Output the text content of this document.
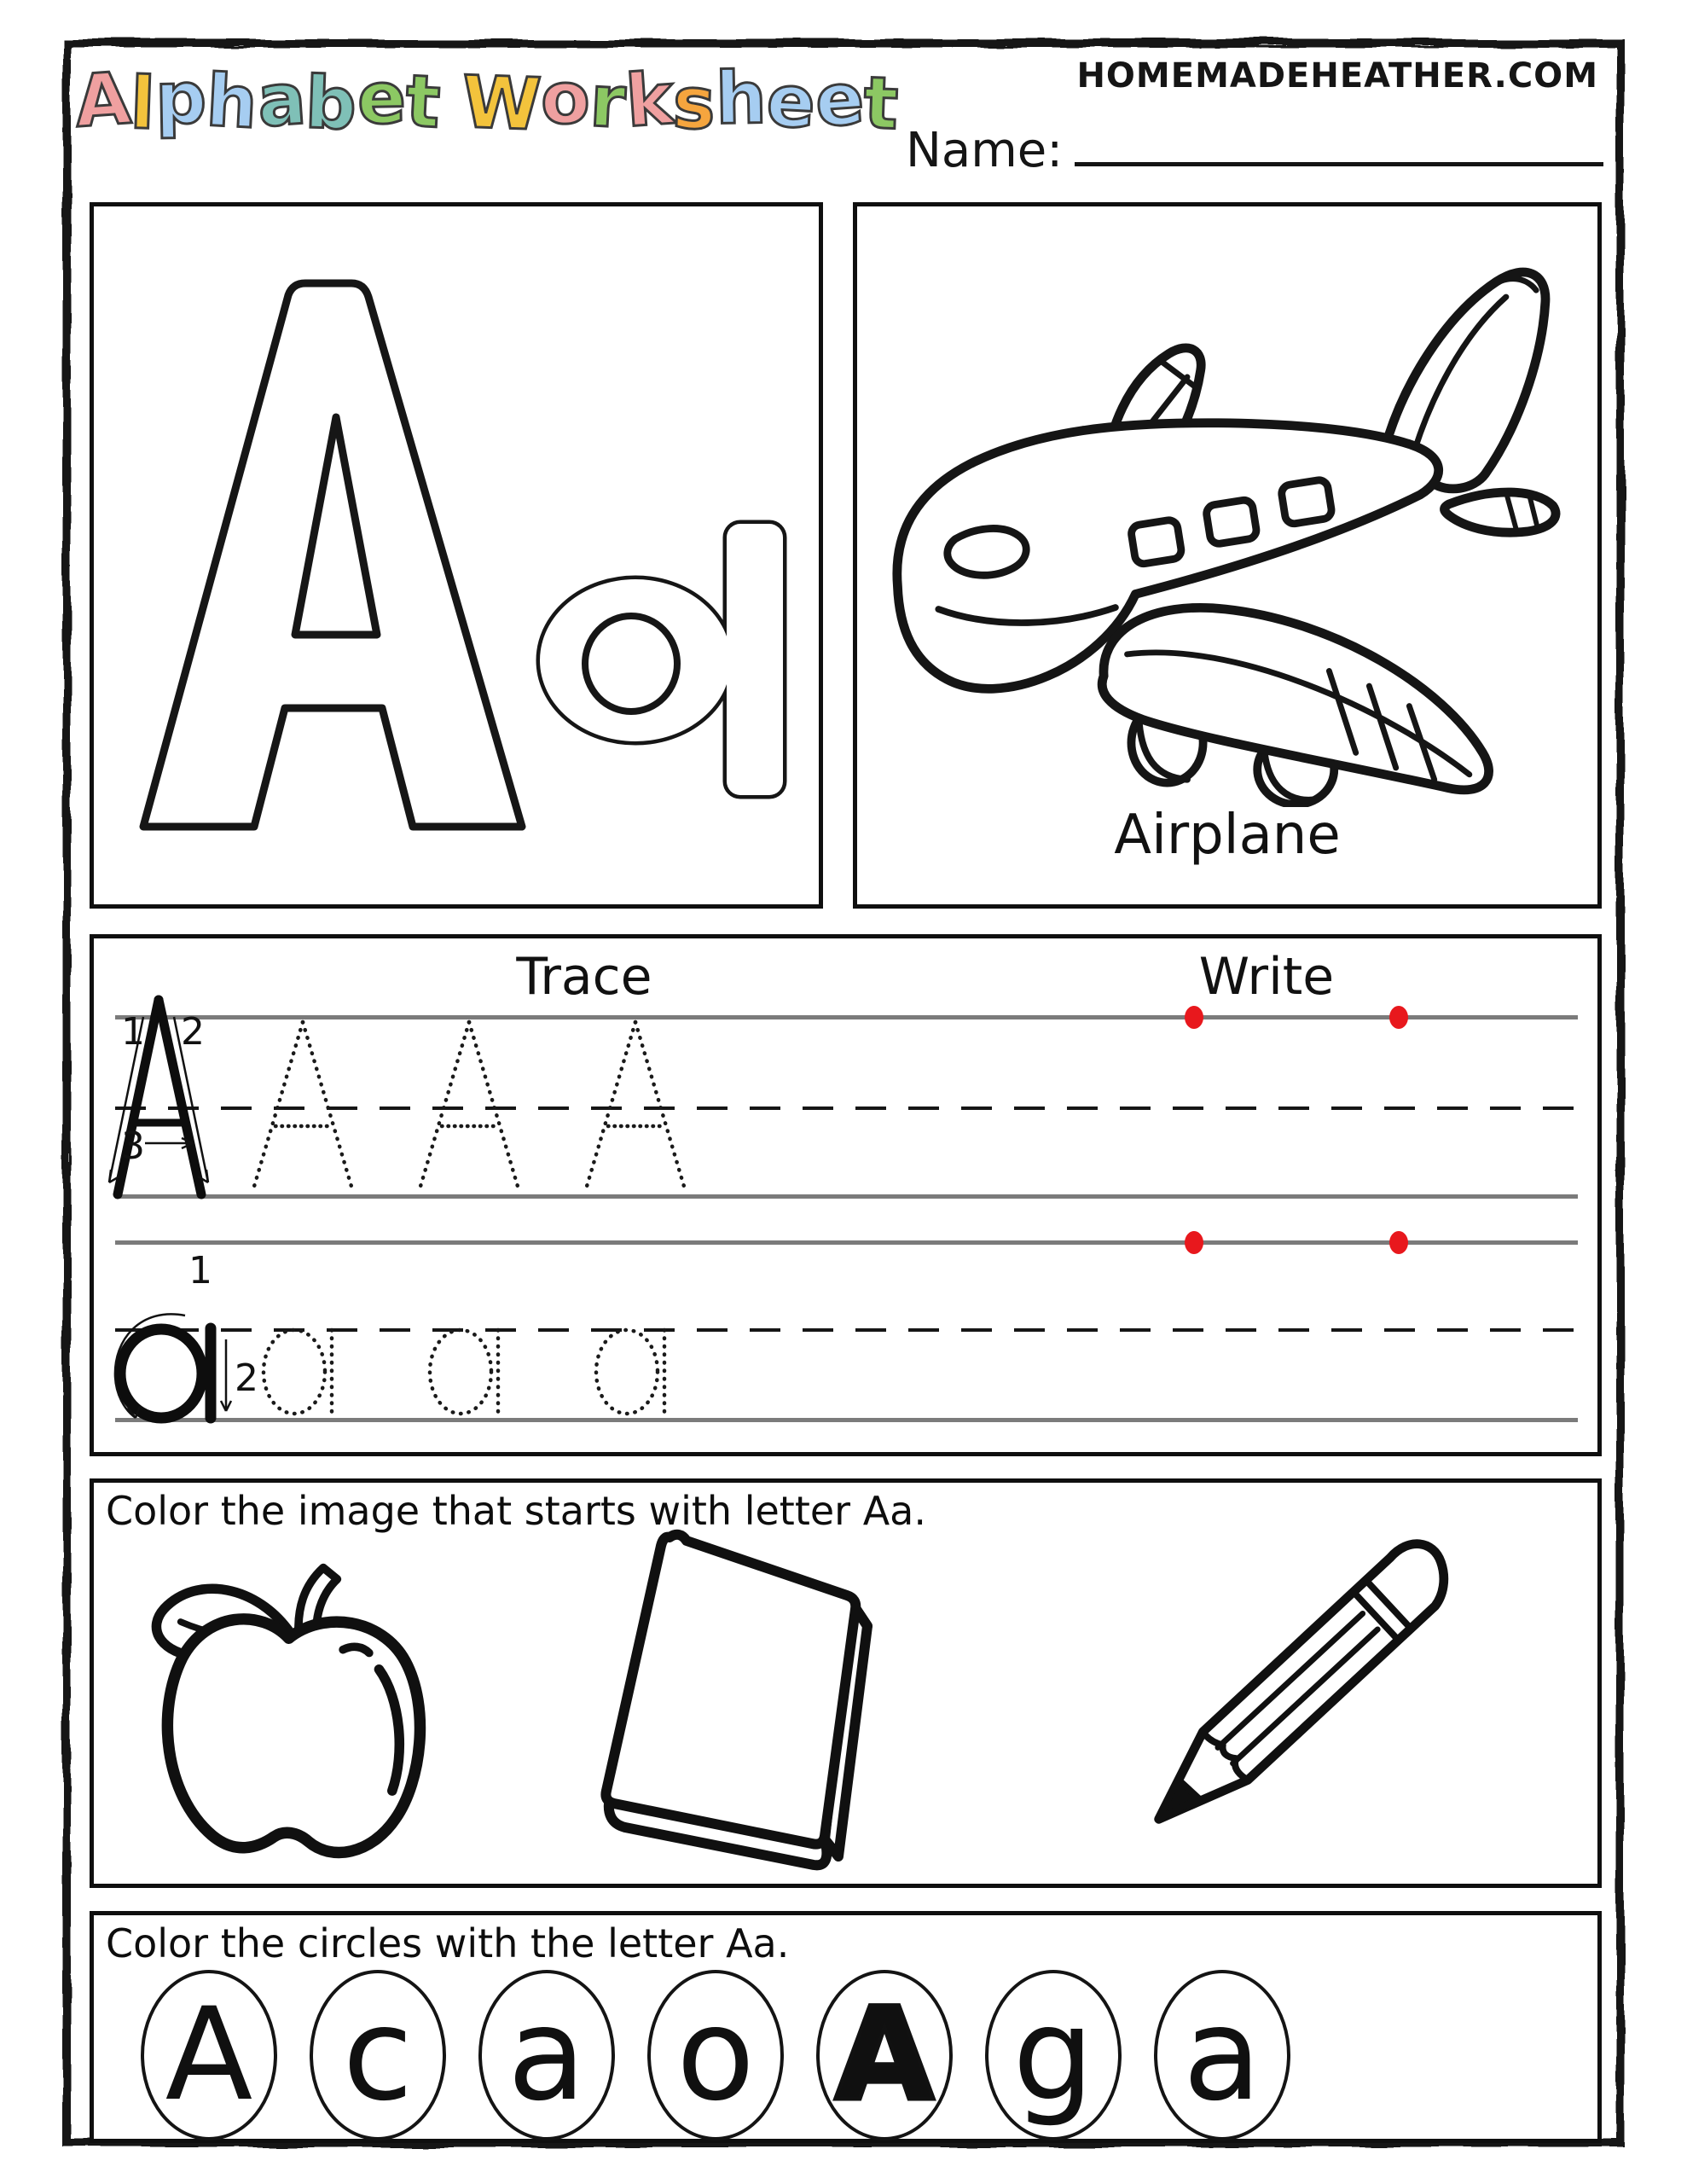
A
l
p
h
a
b
e
t W
o
r
k
s
h
e
e
t	HOMEMADEHEATHER.COM
Name:
Airplane
Trace	Write
1 2
3
1
2
Color the image that starts with letter Aa.
Color the circles with the letter Aa.
A c a o A g a
